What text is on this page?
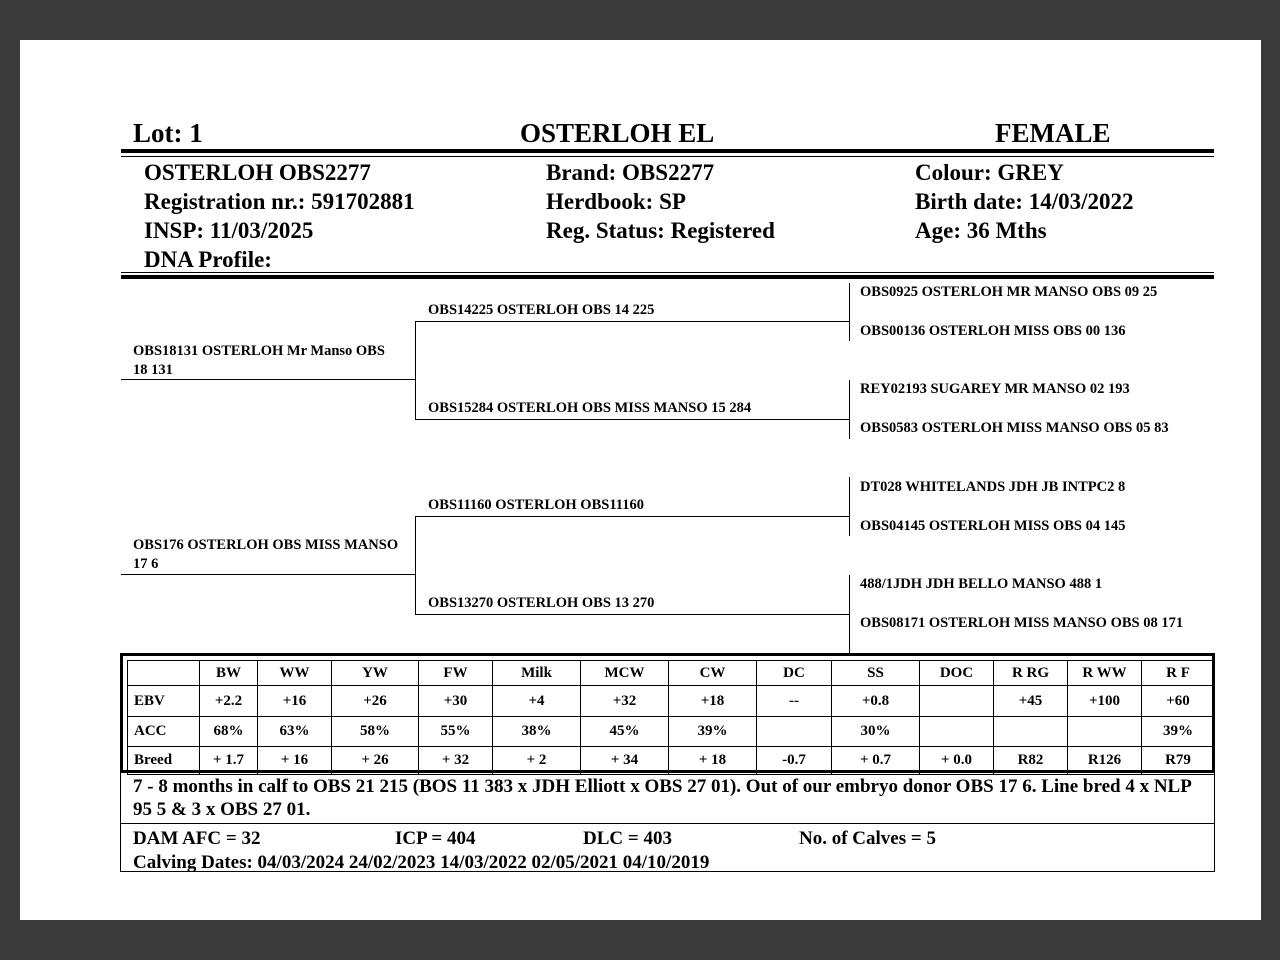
Lot: 1	OSTERLOH EL	FEMALE
OSTERLOH OBS2277
Registration nr.: 591702881
INSP: 11/03/2025
DNA Profile:
Brand: OBS2277
Herdbook: SP
Reg. Status: Registered
Colour: GREY
Birth date: 14/03/2022
Age: 36 Mths
OBS18131 OSTERLOH Mr Manso OBS 18 131
OBS176 OSTERLOH OBS MISS MANSO 17 6
OBS14225 OSTERLOH OBS 14 225
OBS15284 OSTERLOH OBS MISS MANSO 15 284
OBS11160 OSTERLOH OBS11160
OBS13270 OSTERLOH OBS 13 270
OBS0925 OSTERLOH MR MANSO OBS 09 25
OBS00136 OSTERLOH MISS OBS 00 136
REY02193 SUGAREY MR MANSO 02 193
OBS0583 OSTERLOH MISS MANSO OBS 05 83
DT028 WHITELANDS JDH JB INTPC2 8
OBS04145 OSTERLOH MISS OBS 04 145
488/1JDH JDH BELLO MANSO 488 1
OBS08171 OSTERLOH MISS MANSO OBS 08 171
	BW	WW	YW	FW	Milk	MCW	CW	DC	SS	DOC	R RG	R WW	R F
EBV	+2.2	+16	+26	+30	+4	+32	+18	--	+0.8		+45	+100	+60
ACC	68%	63%	58%	55%	38%	45%	39%		30%				39%
Breed	+ 1.7	+ 16	+ 26	+ 32	+ 2	+ 34	+ 18	-0.7	+ 0.7	+ 0.0	R82	R126	R79
7 - 8 months in calf to OBS 21 215 (BOS 11 383 x JDH Elliott x OBS 27 01). Out of our embryo donor OBS 17 6. Line bred 4 x NLP 95 5 & 3 x OBS 27 01.
DAM AFC = 32	ICP = 404	DLC = 403	No. of Calves = 5
Calving Dates: 04/03/2024 24/02/2023 14/03/2022 02/05/2021 04/10/2019
